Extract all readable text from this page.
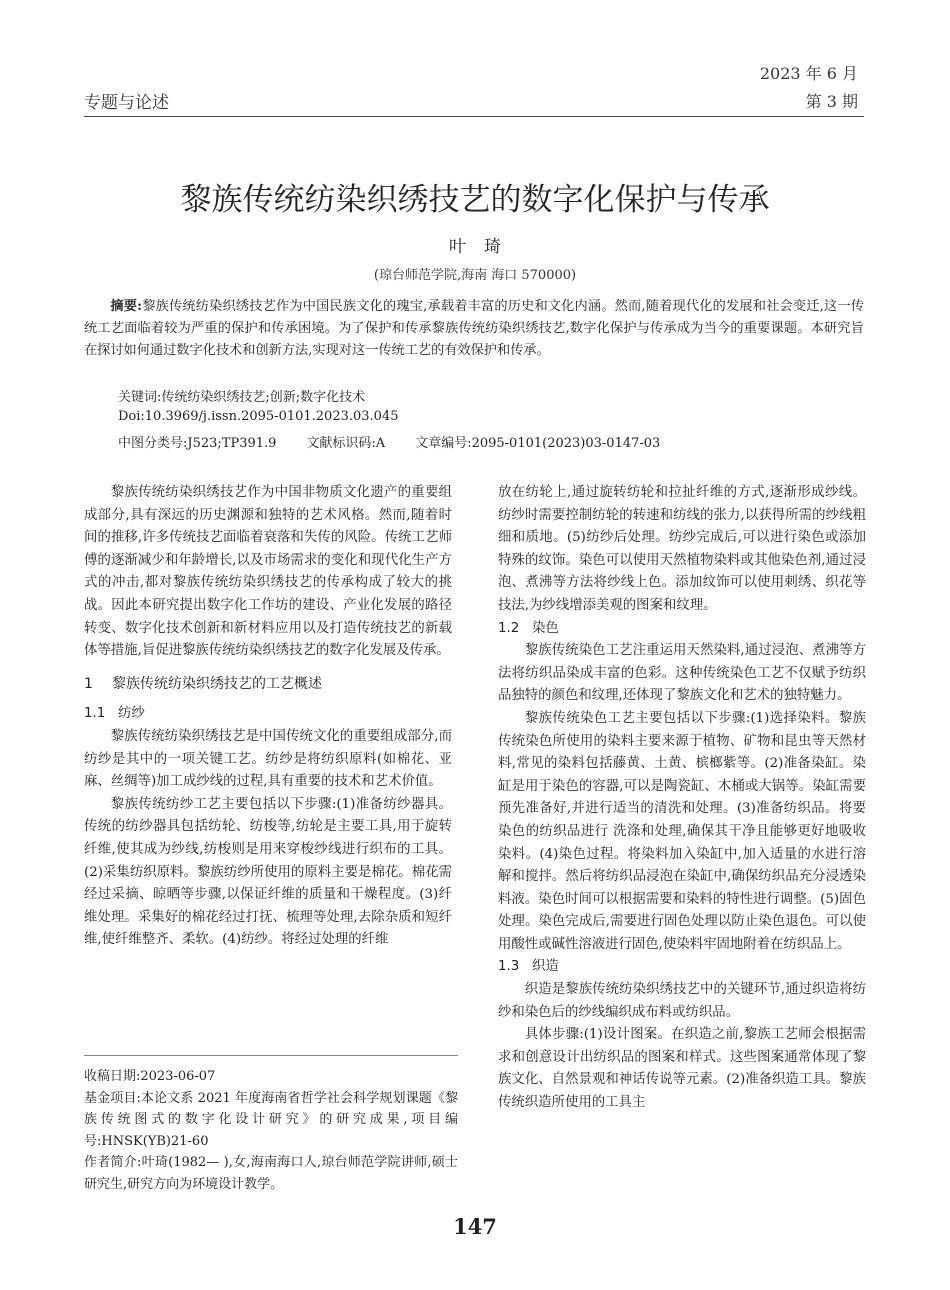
专题与论述
2023 年 6 月
第 3 期
黎族传统纺染织绣技艺的数字化保护与传承
叶琦
(琼台师范学院,海南 海口 570000)
摘要:黎族传统纺染织绣技艺作为中国民族文化的瑰宝,承载着丰富的历史和文化内涵。然而,随着现代化的发展和社会变迁,这一传统工艺面临着较为严重的保护和传承困境。为了保护和传承黎族传统纺染织绣技艺,数字化保护与传承成为当今的重要课题。本研究旨在探讨如何通过数字化技术和创新方法,实现对这一传统工艺的有效保护和传承。
关键词:传统纺染织绣技艺;创新;数字化技术
Doi:10.3969/j.issn.2095-0101.2023.03.045
中图分类号:J523;TP391.9 文献标识码:A 文章编号:2095-0101(2023)03-0147-03

黎族传统纺染织绣技艺作为中国非物质文化遗产的重要组成部分,具有深远的历史渊源和独特的艺术风格。然而,随着时间的推移,许多传统技艺面临着衰落和失传的风险。传统工艺师傅的逐渐减少和年龄增长,以及市场需求的变化和现代化生产方式的冲击,都对黎族传统纺染织绣技艺的传承构成了较大的挑战。因此本研究提出数字化工作坊的建设、产业化发展的路径转变、数字化技术创新和新材料应用以及打造传统技艺的新载体等措施,旨促进黎族传统纺染织绣技艺的数字化发展及传承。

1 黎族传统纺染织绣技艺的工艺概述
1.1 纺纱

黎族传统纺染织绣技艺是中国传统文化的重要组成部分,而纺纱是其中的一项关键工艺。纺纱是将纺织原料(如棉花、亚麻、丝绸等)加工成纱线的过程,具有重要的技术和艺术价值。

黎族传统纺纱工艺主要包括以下步骤:(1)准备纺纱器具。传统的纺纱器具包括纺轮、纺梭等,纺轮是主要工具,用于旋转纤维,使其成为纱线,纺梭则是用来穿梭纱线进行织布的工具。(2)采集纺织原料。黎族纺纱所使用的原料主要是棉花。棉花需经过采摘、晾晒等步骤,以保证纤维的质量和干燥程度。(3)纤维处理。采集好的棉花经过打抚、梳理等处理,去除杂质和短纤维,使纤维整齐、柔软。(4)纺纱。将经过处理的纤维

收稿日期:2023-06-07

基金项目:本论文系 2021 年度海南省哲学社会科学规划课题《黎族传统图式的数字化设计研究》的研究成果,项目编号:HNSK(YB)21-60

作者简介:叶琦(1982— ),女,海南海口人,琼台师范学院讲师,硕士研究生,研究方向为环境设计教学。

放在纺轮上,通过旋转纺轮和拉扯纤维的方式,逐渐形成纱线。纺纱时需要控制纺轮的转速和纺线的张力,以获得所需的纱线粗细和质地。(5)纺纱后处理。纺纱完成后,可以进行染色或添加特殊的纹饰。染色可以使用天然植物染料或其他染色剂,通过浸泡、煮沸等方法将纱线上色。添加纹饰可以使用刺绣、织花等技法,为纱线增添美观的图案和纹理。

1.2 染色

黎族传统染色工艺注重运用天然染料,通过浸泡、煮沸等方法将纺织品染成丰富的色彩。这种传统染色工艺不仅赋予纺织品独特的颜色和纹理,还体现了黎族文化和艺术的独特魅力。

黎族传统染色工艺主要包括以下步骤:(1)选择染料。黎族传统染色所使用的染料主要来源于植物、矿物和昆虫等天然材料,常见的染料包括藤黄、土黄、槟榔紫等。(2)准备染缸。染缸是用于染色的容器,可以是陶瓷缸、木桶或大锅等。染缸需要预先准备好,并进行适当的清洗和处理。(3)准备纺织品。将要染色的纺织品进行 洗涤和处理,确保其干净且能够更好地吸收染料。(4)染色过程。将染料加入染缸中,加入适量的水进行溶解和搅拌。然后将纺织品浸泡在染缸中,确保纺织品充分浸透染料液。染色时间可以根据需要和染料的特性进行调整。(5)固色处理。染色完成后,需要进行固色处理以防止染色退色。可以使用酸性或碱性溶液进行固色,使染料牢固地附着在纺织品上。

1.3 织造

织造是黎族传统纺染织绣技艺中的关键环节,通过织造将纺纱和染色后的纱线编织成布料或纺织品。

具体步骤:(1)设计图案。在织造之前,黎族工艺师会根据需求和创意设计出纺织品的图案和样式。这些图案通常体现了黎族文化、自然景观和神话传说等元素。(2)准备织造工具。黎族传统织造所使用的工具主

147
